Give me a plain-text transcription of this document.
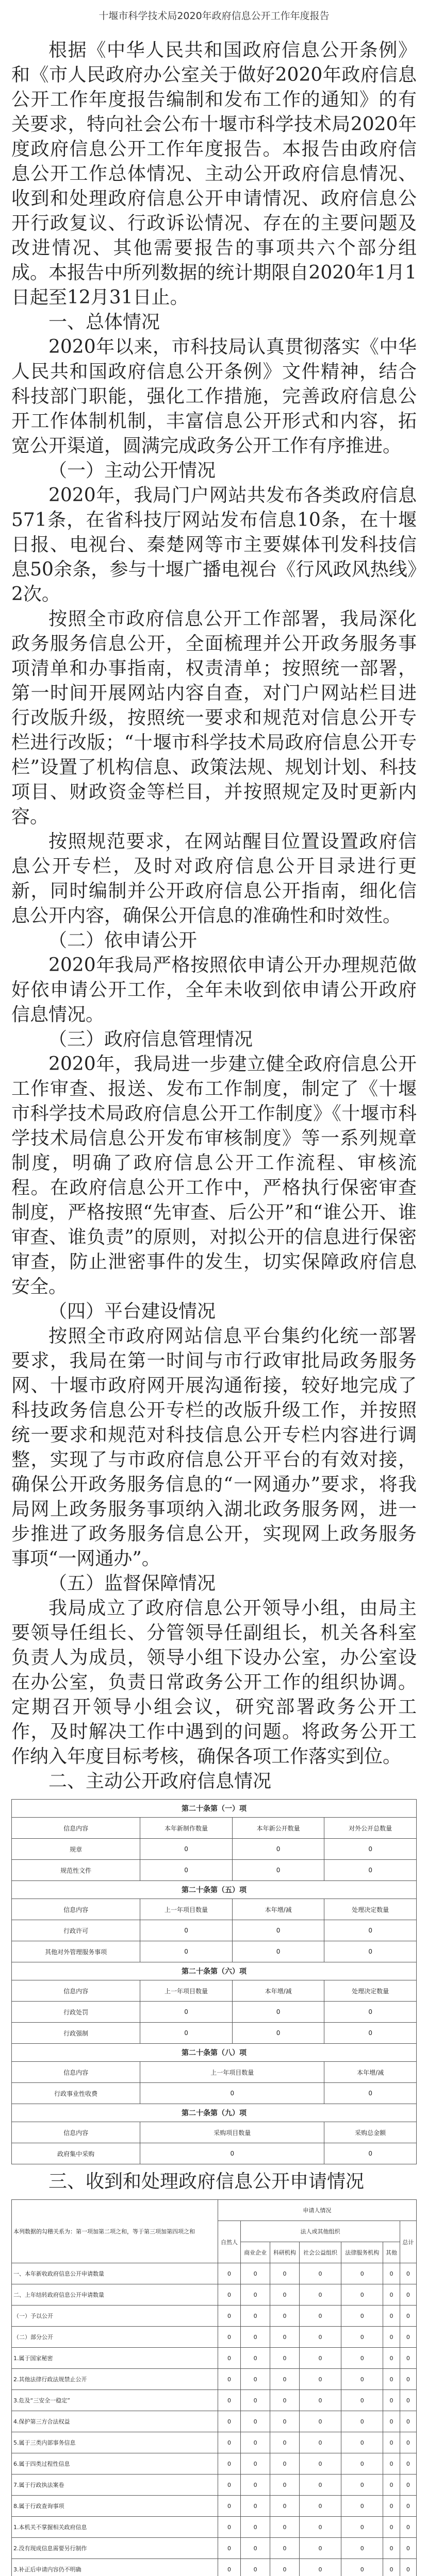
十堰市科学技术局2020年政府信息公开工作年度报告

根据《中华人民共和国政府信息公开条例》和《市人民政府办公室关于做好2020年政府信息公开工作年度报告编制和发布工作的通知》的有关要求，特向社会公布十堰市科学技术局2020年度政府信息公开工作年度报告。本报告由政府信息公开工作总体情况、主动公开政府信息情况、收到和处理政府信息公开申请情况、政府信息公开行政复议、行政诉讼情况、存在的主要问题及改进情况、其他需要报告的事项共六个部分组成。本报告中所列数据的统计期限自2020年1月1日起至12月31日止。

一、总体情况

2020年以来，市科技局认真贯彻落实《中华人民共和国政府信息公开条例》文件精神，结合科技部门职能，强化工作措施，完善政府信息公开工作体制机制，丰富信息公开形式和内容，拓宽公开渠道，圆满完成政务公开工作有序推进。

（一）主动公开情况

2020年，我局门户网站共发布各类政府信息571条，在省科技厅网站发布信息10条，在十堰日报、电视台、秦楚网等市主要媒体刊发科技信息50余条，参与十堰广播电视台《行风政风热线》2次。

按照全市政府信息公开工作部署，我局深化政务服务信息公开，全面梳理并公开政务服务事项清单和办事指南，权责清单；按照统一部署，第一时间开展网站内容自查，对门户网站栏目进行改版升级，按照统一要求和规范对信息公开专栏进行改版；“十堰市科学技术局政府信息公开专栏”设置了机构信息、政策法规、规划计划、科技项目、财政资金等栏目，并按照规定及时更新内容。

按照规范要求，在网站醒目位置设置政府信息公开专栏，及时对政府信息公开目录进行更新，同时编制并公开政府信息公开指南，细化信息公开内容，确保公开信息的准确性和时效性。

（二）依申请公开

2020年我局严格按照依申请公开办理规范做好依申请公开工作，全年未收到依申请公开政府信息情况。

（三）政府信息管理情况

2020年，我局进一步建立健全政府信息公开工作审查、报送、发布工作制度，制定了《十堰市科学技术局政府信息公开工作制度》《十堰市科学技术局信息公开发布审核制度》等一系列规章制度，明确了政府信息公开工作流程、审核流程。在政府信息公开工作中，严格执行保密审查制度，严格按照“先审查、后公开”和“谁公开、谁审查、谁负责”的原则，对拟公开的信息进行保密审查，防止泄密事件的发生，切实保障政府信息安全。

（四）平台建设情况

按照全市政府网站信息平台集约化统一部署要求，我局在第一时间与市行政审批局政务服务网、十堰市政府网开展沟通衔接，较好地完成了科技政务信息公开专栏的改版升级工作，并按照统一要求和规范对科技信息公开专栏内容进行调整，实现了与市政府信息公开平台的有效对接，确保公开政务服务信息的“一网通办”要求，将我局网上政务服务事项纳入湖北政务服务网，进一步推进了政务服务信息公开，实现网上政务服务事项“一网通办”。

（五）监督保障情况

我局成立了政府信息公开领导小组，由局主要领导任组长、分管领导任副组长，机关各科室负责人为成员，领导小组下设办公室，办公室设在办公室，负责日常政务公开工作的组织协调。定期召开领导小组会议，研究部署政务公开工作，及时解决工作中遇到的问题。将政务公开工作纳入年度目标考核，确保各项工作落实到位。

二、主动公开政府信息情况

第二十条第（一）项			
信息内容	本年新制作数量	本年新公开数量	对外公开总数量
规章	0	0	0
规范性文件	0	0	0
第二十条第（五）项			
信息内容	上一年项目数量	本年增/减	处理决定数量
行政许可	0	0	0
其他对外管理服务事项	0	0	0
第二十条第（六）项			
信息内容	上一年项目数量	本年增/减	处理决定数量
行政处罚	0	0	0
行政强制	0	0	0
第二十条第（八）项			
信息内容	上一年项目数量		本年增/减
行政事业性收费	0		0
第二十条第（九）项			
信息内容	采购项目数量		采购总金额
政府集中采购	0		0

三、收到和处理政府信息公开申请情况

本列数据的勾稽关系为：第一项加第二项之和，等于第三项加第四项之和	申请人情况						
	自然人	法人或其他组织					总计
		商业企业	科研机构	社会公益组织	法律服务机构	其他	
一、本年新收政府信息公开申请数量	0	0	0	0	0	0	0
二、上年结转政府信息公开申请数量	0	0	0	0	0	0	0
（一）予以公开	0	0	0	0	0	0	0
（二）部分公开	0	0	0	0	0	0	0
1.属于国家秘密	0	0	0	0	0	0	0
2.其他法律行政法规禁止公开	0	0	0	0	0	0	0
3.危及“三安全一稳定”	0	0	0	0	0	0	0
4.保护第三方合法权益	0	0	0	0	0	0	0
5.属于三类内部事务信息	0	0	0	0	0	0	0
6.属于四类过程性信息	0	0	0	0	0	0	0
7.属于行政执法案卷	0	0	0	0	0	0	0
8.属于行政查询事项	0	0	0	0	0	0	0
1.本机关不掌握相关政府信息	0	0	0	0	0	0	0
2.没有现成信息需要另行制作	0	0	0	0	0	0	0
3.补正后申请内容仍不明确	0	0	0	0	0	0	0
